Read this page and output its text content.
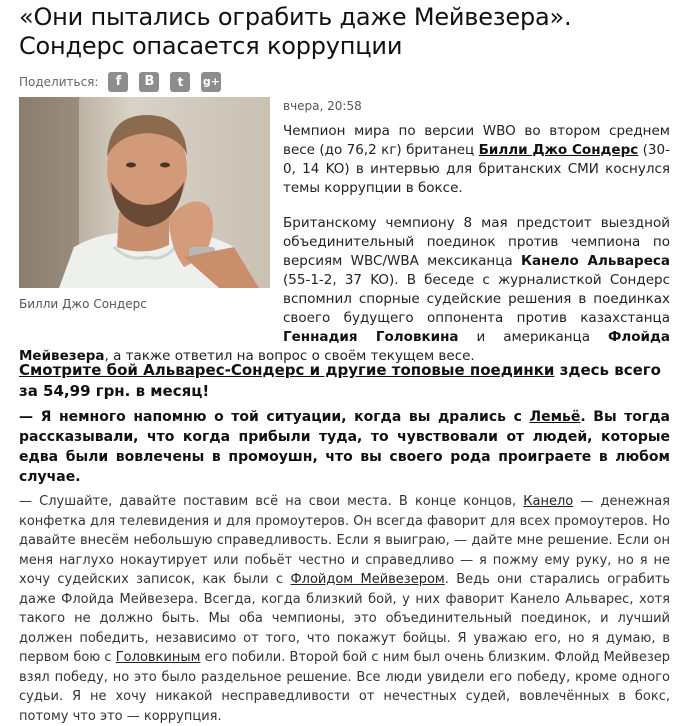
«Они пытались ограбить даже Мейвезера». Сондерс опасается коррупции
Поделиться:	f	B	t	g+
Билли Джо Сондерс
вчера, 20:58

Чемпион мира по версии WBO во втором среднем весе (до 76,2 кг) британец Билли Джо Сондерс (30-0, 14 KO) в интервью для британских СМИ коснулся темы коррупции в боксе.

Британскому чемпиону 8 мая предстоит выездной объединительный поединок против чемпиона по версиям WBC/WBA мексиканца Канело Альвареса (55-1-2, 37 KO). В беседе с журналисткой Сондерс вспомнил спорные судейские решения в поединках своего будущего оппонента против казахстанца Геннадия Головкина и американца Флойда Мейвезера, а также ответил на вопрос о своём текущем весе.

Смотрите бой Альварес-Сондерс и другие топовые поединки здесь всего за 54,99 грн. в месяц!
— Я немного напомню о той ситуации, когда вы дрались с Лемьё. Вы тогда рассказывали, что когда прибыли туда, то чувствовали от людей, которые едва были вовлечены в промоушн, что вы своего рода проиграете в любом случае.
— Слушайте, давайте поставим всё на свои места. В конце концов, Канело — денежная конфетка для телевидения и для промоутеров. Он всегда фаворит для всех промоутеров. Но давайте внесём небольшую справедливость. Если я выиграю, — дайте мне решение. Если он меня наглухо нокаутирует или побьёт честно и справедливо — я пожму ему руку, но я не хочу судейских записок, как были с Флойдом Мейвезером. Ведь они старались ограбить даже Флойда Мейвезера. Всегда, когда близкий бой, у них фаворит Канело Альварес, хотя такого не должно быть. Мы оба чемпионы, это объединительный поединок, и лучший должен победить, независимо от того, что покажут бойцы. Я уважаю его, но я думаю, в первом бою с Головкиным его побили. Второй бой с ним был очень близким. Флойд Мейвезер взял победу, но это было раздельное решение. Все люди увидели его победу, кроме одного судьи. Я не хочу никакой несправедливости от нечестных судей, вовлечённых в бокс, потому что это — коррупция.
